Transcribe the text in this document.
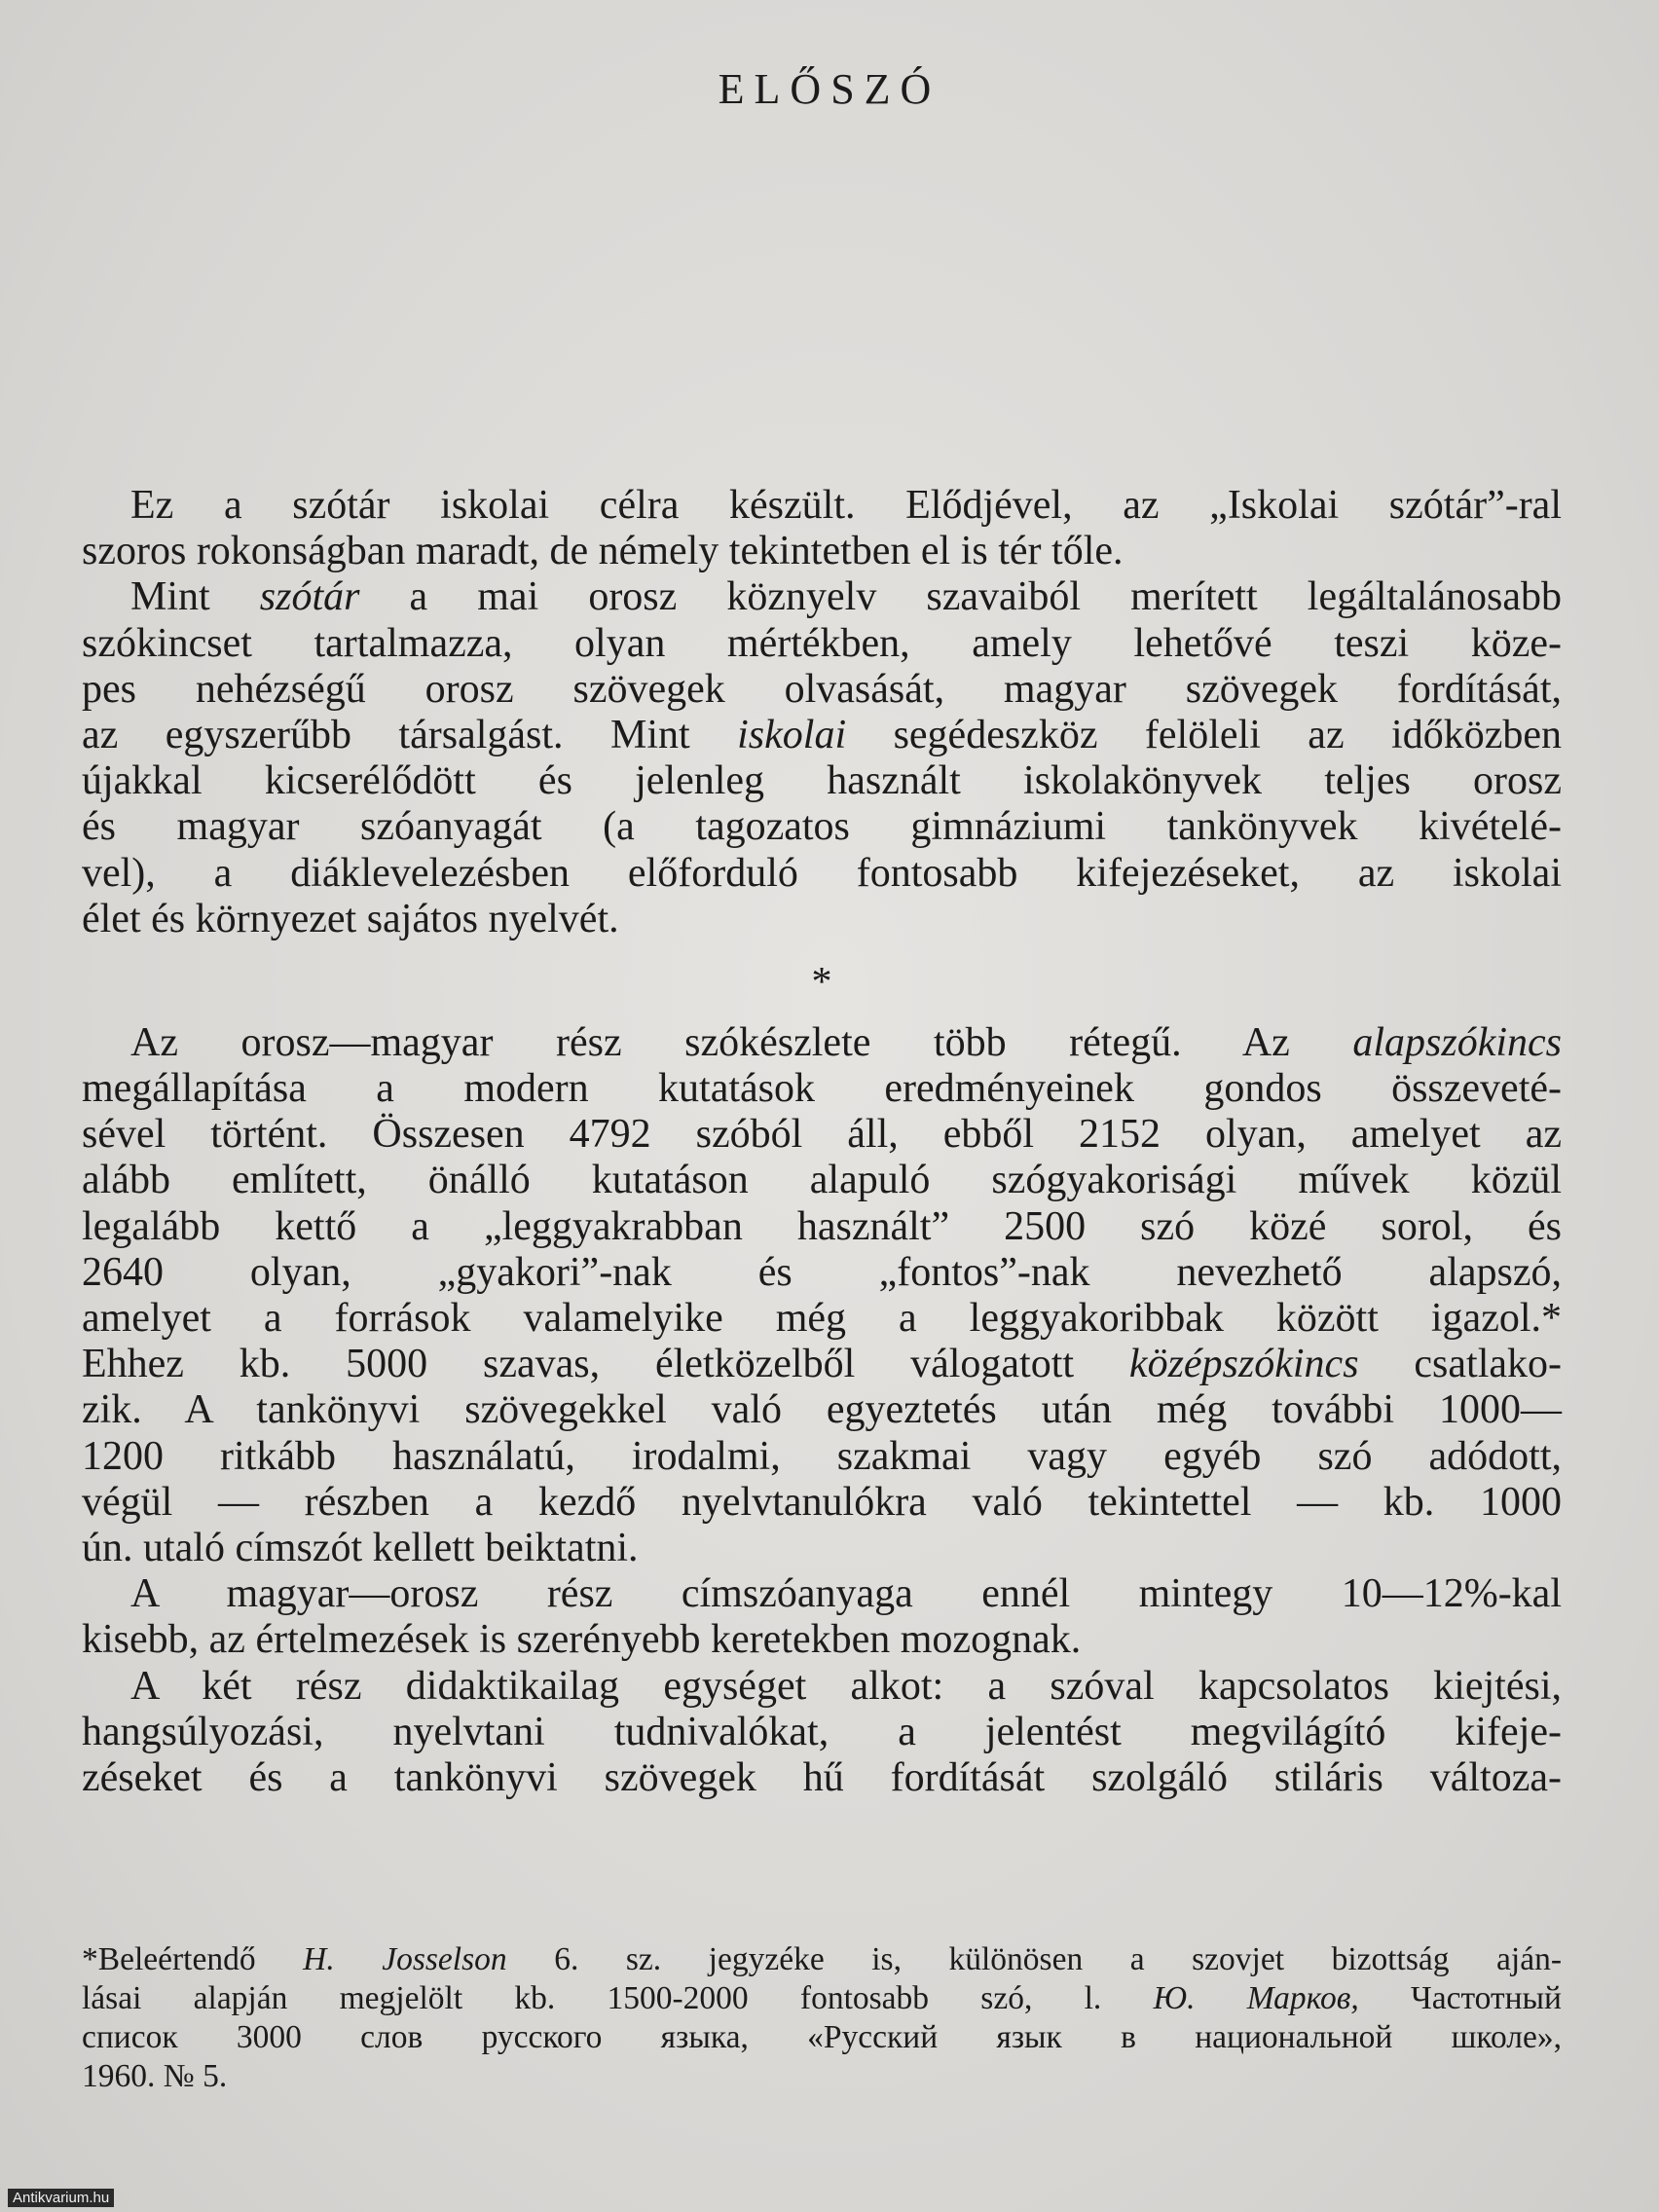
ELŐSZÓ
Ez a szótár iskolai célra készült. Elődjével, az „Iskolai szótár”-ral
szoros rokonságban maradt, de némely tekintetben el is tér tőle.
Mint szótár a mai orosz köznyelv szavaiból merített legáltalánosabb
szókincset tartalmazza, olyan mértékben, amely lehetővé teszi köze-
pes nehézségű orosz szövegek olvasását, magyar szövegek fordítását,
az egyszerűbb társalgást. Mint iskolai segédeszköz felöleli az időközben
újakkal kicserélődött és jelenleg használt iskolakönyvek teljes orosz
és magyar szóanyagát (a tagozatos gimnáziumi tankönyvek kivételé-
vel), a diáklevelezésben előforduló fontosabb kifejezéseket, az iskolai
élet és környezet sajátos nyelvét.
*
Az orosz—magyar rész szókészlete több rétegű. Az alapszókincs
megállapítása a modern kutatások eredményeinek gondos összeveté-
sével történt. Összesen 4792 szóból áll, ebből 2152 olyan, amelyet az
alább említett, önálló kutatáson alapuló szógyakorisági művek közül
legalább kettő a „leggyakrabban használt” 2500 szó közé sorol, és
2640 olyan, „gyakori”-nak és „fontos”-nak nevezhető alapszó,
amelyet a források valamelyike még a leggyakoribbak között igazol.*
Ehhez kb. 5000 szavas, életközelből válogatott középszókincs csatlako-
zik. A tankönyvi szövegekkel való egyeztetés után még további 1000—
1200 ritkább használatú, irodalmi, szakmai vagy egyéb szó adódott,
végül — részben a kezdő nyelvtanulókra való tekintettel — kb. 1000
ún. utaló címszót kellett beiktatni.
A magyar—orosz rész címszóanyaga ennél mintegy 10—12%-kal
kisebb, az értelmezések is szerényebb keretekben mozognak.
A két rész didaktikailag egységet alkot: a szóval kapcsolatos kiejtési,
hangsúlyozási, nyelvtani tudnivalókat, a jelentést megvilágító kifeje-
zéseket és a tankönyvi szövegek hű fordítását szolgáló stiláris változa-
*Beleértendő H. Josselson 6. sz. jegyzéke is, különösen a szovjet bizottság aján-
lásai alapján megjelölt kb. 1500-2000 fontosabb szó, l. Ю. Марков, Частотный
список 3000 слов русского языка, «Русский язык в национальной школе»,
1960. № 5.
Antikvarium.hu
